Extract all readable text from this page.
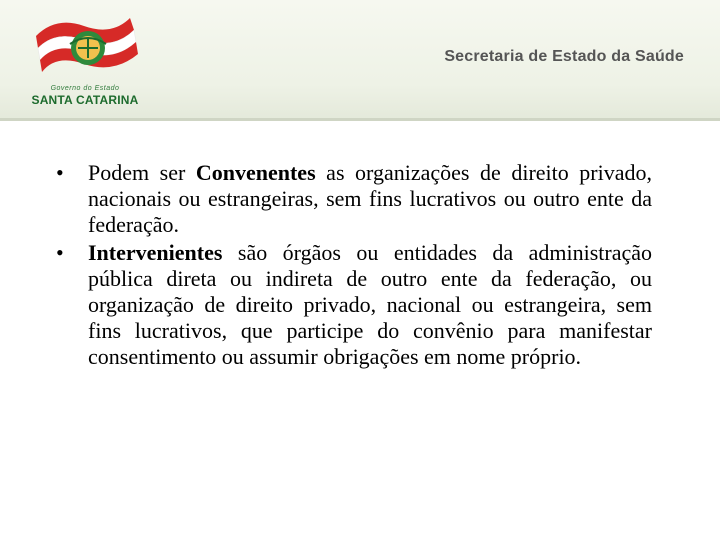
Governo do Estado
SANTA CATARINA
Secretaria de Estado da Saúde
• Podem ser Convenentes as organizações de direito privado, nacionais ou estrangeiras, sem fins lucrativos ou outro ente da federação.
• Intervenientes são órgãos ou entidades da administração pública direta ou indireta de outro ente da federação, ou organização de direito privado, nacional ou estrangeira, sem fins lucrativos, que participe do convênio para manifestar consentimento ou assumir obrigações em nome próprio.
